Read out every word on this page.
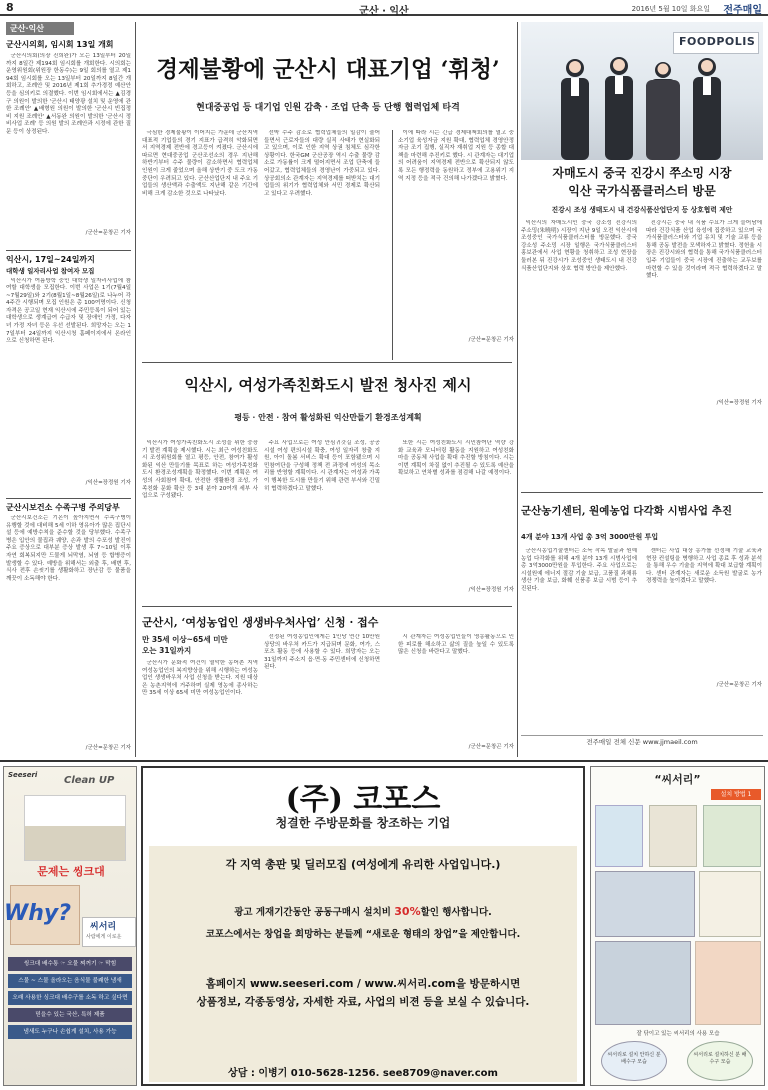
8	군산 · 익산	2016년 5월 10일 화요일 전주매일
군산·익산
군산시의회, 임시회 13일 개회

군산시의회(의장 진희완)가 오는 13일부터 20일까지 8일간 제194회 임시회를 개회한다. 시의회는 운영위원회(위원장 한동수)는 9일 회의를 열고 제194회 임시회를 오는 13일부터 20일까지 8일간 개회하고, 조례안 및 2016년 제1회 추가경정 예산안 등을 심의키로 의결했다. 이번 임시회에서는 ▲김경구 의원이 발의한 '군산시 태양광 설치 및 운영에 관한 조례안' ▲배형원 의원이 발의한 '군산시 빈집정비 지원 조례안' ▲서동완 의원이 발의한 '군산시 정비사업 조례' 등 의원 발의 조례안과 시정에 관한 질문 등이 상정된다.

/군산=문창곤 기자
익산시, 17일~24일까지
대학생 일자리사업 참여자 모집

익산시가 여름방학 중인 대학생 일자리사업에 참여할 대학생을 모집한다. 이번 사업은 1기(7월4일~7월29일)와 2기(8월1일~8월26일)로 나누어 각 4주간 시행되며 모집 인원은 총 100여명이다. 신청 자격은 공고일 현재 익산시에 주민등록이 되어 있는 대학생으로 생계급여 수급자 및 장애인 가정, 다자녀 가정 자녀 등은 우선 선발된다. 희망자는 오는 17일부터 24일까지 익산시청 홈페이지에서 온라인으로 신청하면 된다.

/익산=장정원 기자
군산시보건소 수족구병 주의당부

군산시보건소는 기온이 높아지면서 수족구병이 유행할 것에 대비해 5세 이하 영유아가 많은 집단시설 등에 예방수칙을 준수할 것을 당부했다. 수족구병은 입안의 물집과 궤양, 손과 발의 수포성 발진이 주요 증상으로 대부분 증상 발생 후 7~10일 이후 자연 회복되지만 드물게 뇌막염, 뇌염 등 합병증이 발생할 수 있다. 예방을 위해서는 외출 후, 배변 후, 식사 전후 손씻기를 생활화하고 장난감 등 물품을 깨끗이 소독해야 한다.

/군산=문창곤 기자
경제불황에 군산시 대표기업 ‘휘청’
현대중공업 등 대기업 인원 감축 · 조업 단축 등 단행 협력업체 타격

극심한 경제불황이 이어지는 가운데 군산지역 대표적 기업들의 경기 지표가 급격히 악화되면서 지역경제 전반에 경고등이 켜졌다. 군산시에 따르면 현대중공업 군산조선소의 경우 지난해 하반기부터 수주 물량이 감소하면서 협력업체 인원이 크게 줄었으며 올해 상반기 중 도크 가동 중단이 우려되고 있다. 군산산업단지 내 주요 기업들의 생산액과 수출액도 지난해 같은 기간에 비해 크게 감소한 것으로 나타났다.

선박 수주 감소로 협력업체들의 일감이 줄어들면서 근로자들의 대량 실직 사태가 현실화되고 있으며, 이로 인한 지역 상권 침체도 심각한 상황이다. 한국GM 군산공장 역시 수출 물량 감소로 가동률이 크게 떨어지면서 조업 단축에 들어갔고, 협력업체들의 경영난이 가중되고 있다. 상공회의소 관계자는 지역경제를 떠받치는 대기업들의 위기가 협력업체와 서민 경제로 확산되고 있다고 우려했다.

이에 따라 시는 긴급 경제대책회의를 열고 중소기업 육성자금 지원 확대, 협력업체 경영안정 자금 조기 집행, 실직자 재취업 지원 등 종합 대책을 마련해 추진키로 했다. 시 관계자는 대기업의 어려움이 지역경제 전반으로 확산되지 않도록 모든 행정력을 동원하고 정부에 고용위기 지역 지정 등을 적극 건의해 나가겠다고 밝혔다.

/군산=문창곤 기자
FOODPOLIS
자매도시 중국 진강시 쭈소밍 시장
익산 국가식품클러스터 방문
진강시 조성 생태도시 내 건강식품산업단지 등 상호협력 제안

익산시의 자매도시인 중국 강소성 진강시의 주소밍(朱曉明) 시장이 지난 9일 오전 익산시에 조성중인 국가식품클러스터를 방문했다. 중국 강소성 주소밍 시장 일행은 국가식품클러스터 홍보관에서 사업 현황을 청취하고 조성 현장을 둘러본 뒤 진강시가 조성중인 생태도시 내 건강식품산업단지와 상호 협력 방안을 제안했다.

진강시는 중국 내 식품 수요가 크게 늘어남에 따라 건강식품 산업 육성에 집중하고 있으며 국가식품클러스터와 기업 유치 및 기술 교류 등을 통해 공동 발전을 모색하자고 밝혔다. 정헌율 시장은 진강시와의 협력을 통해 국가식품클러스터 입주 기업들이 중국 시장에 진출하는 교두보를 마련할 수 있을 것이라며 적극 협력하겠다고 말했다.

/익산=장정원 기자
익산시, 여성가족친화도시 발전 청사진 제시
평등 · 안전 · 참여 활성화된 익산만들기 환경조성계획

익산시가 여성가족친화도시 조성을 위한 중장기 발전 계획을 제시했다. 시는 최근 여성친화도시 조성위원회를 열고 평등, 안전, 참여가 활성화된 익산 만들기를 목표로 하는 여성가족친화도시 환경조성계획을 확정했다. 이번 계획은 여성의 사회참여 확대, 안전한 생활환경 조성, 가족친화 문화 확산 등 3대 분야 20여개 세부 사업으로 구성됐다.

주요 사업으로는 여성 안심귀갓길 조성, 공공시설 여성 편의시설 확충, 여성 일자리 창출 지원, 아이 돌봄 서비스 확대 등이 포함됐으며 시민참여단을 구성해 정책 전 과정에 여성의 목소리를 반영할 계획이다. 시 관계자는 여성과 가족이 행복한 도시를 만들기 위해 관련 부서와 긴밀히 협력하겠다고 말했다.

또한 시는 여성친화도시 시민참여단 역량 강화 교육과 모니터링 활동을 지원하고 여성친화 마을 공동체 사업을 확대 추진할 방침이다. 시는 이번 계획이 차질 없이 추진될 수 있도록 예산을 확보하고 연차별 성과를 점검해 나갈 예정이다.

/익산=장정원 기자
군산시, ‘여성농업인 생생바우처사업’ 신청 · 접수
만 35세 이상~65세 미만
오는 31일까지

군산시가 문화적 여건이 열악한 농어촌 지역 여성농업인의 복지향상을 위해 시행하는 여성농업인 생생바우처 사업 신청을 받는다. 지원 대상은 농촌지역에 거주하며 실제 영농에 종사하는 만 35세 이상 65세 미만 여성농업인이다.

선정된 여성농업인에게는 1인당 연간 10만원 상당의 바우처 카드가 지급되며 문화, 여가, 스포츠 활동 등에 사용할 수 있다. 희망자는 오는 31일까지 주소지 읍·면·동 주민센터에 신청하면 된다.

시 관계자는 여성농업인들이 영농활동으로 인한 피로를 해소하고 삶의 질을 높일 수 있도록 많은 신청을 바란다고 말했다.

/군산=문창곤 기자
군산농기센터, 원예농업 다각화 시범사업 추진
4개 분야 13개 사업 총 3억 3000만원 투입

군산시농업기술센터는 소득 작목 발굴과 원예농업 다각화를 위해 4개 분야 13개 시범사업에 총 3억3000만원을 투입한다. 주요 사업으로는 시설원예 에너지 절감 기술 보급, 고품질 과채류 생산 기술 보급, 화훼 신품종 보급 시범 등이 추진된다.

센터는 사업 대상 농가를 선정해 기술 교육과 현장 컨설팅을 병행하고 사업 종료 후 성과 분석을 통해 우수 기술을 지역에 확대 보급할 계획이다. 센터 관계자는 새로운 소득원 발굴로 농가 경쟁력을 높이겠다고 말했다.

/군산=문창곤 기자
전주매일 전체 신문 www.jjmaeil.com
Seeseri	Clean UP
문제는 씽크대
Why?
씨서리
사람에게 이로운
씽크대 배수통 ☞ 오물 찌꺼기 ☞ 막힘
스물 ~ 스물 올라오는 음식물 불쾌한 냄새
오래 사용한 싱크대 배수구를 소독 하고 싶다면
믿을수 있는 국산, 특허 제품
냄새도 누구나 손쉽게 설치, 사용 가능
(주) 코포스
청결한 주방문화를 창조하는 기업
각 지역 총판 및 딜러모집 (여성에게 유리한 사업입니다.)
광고 게재기간동안 공동구매시 설치비 30%할인 행사합니다.
코포스에서는 창업을 희망하는 분들께 “새로운 형태의 창업”을 제안합니다.
홈페이지 www.seeseri.com / www.씨서리.com을 방문하시면
상품정보, 각종동영상, 자세한 자료, 사업의 비젼 등을 보실 수 있습니다.
상담 : 이병기 010-5628-1256. see8709@naver.com
“씨서리”
설치 방법 1
잘 닦이고 있는 씨서리의 사용 모습
씨서리로 설치 안하신 분 배수구 모습
씨서리로 설치하신 분 배수구 모습
